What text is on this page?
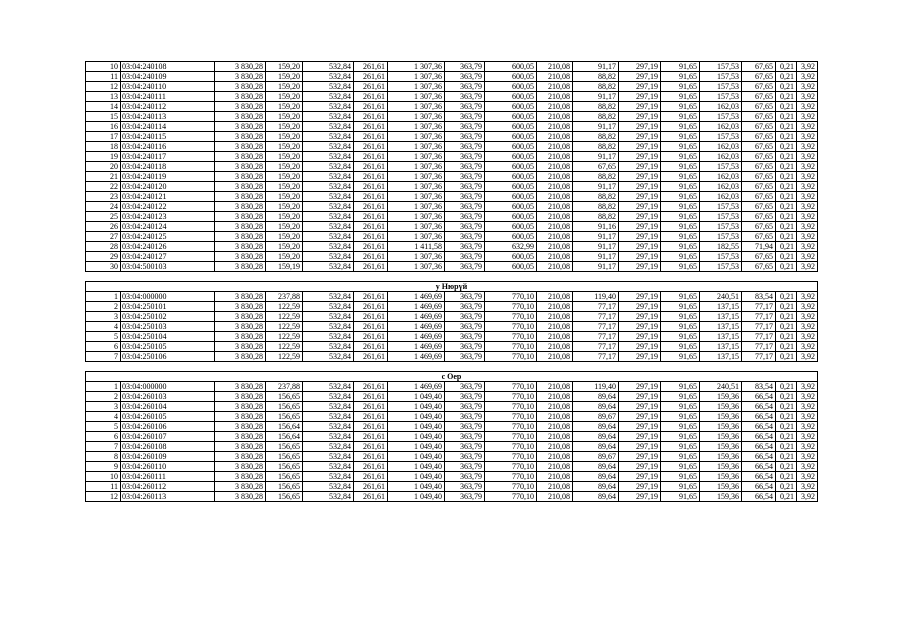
10	03:04:240108	3 830,28	159,20	532,84	261,61	1 307,36	363,79	600,05	210,08	91,17	297,19	91,65	157,53	67,65	0,21	3,92
11	03:04:240109	3 830,28	159,20	532,84	261,61	1 307,36	363,79	600,05	210,08	88,82	297,19	91,65	157,53	67,65	0,21	3,92
12	03:04:240110	3 830,28	159,20	532,84	261,61	1 307,36	363,79	600,05	210,08	88,82	297,19	91,65	157,53	67,65	0,21	3,92
13	03:04:240111	3 830,28	159,20	532,84	261,61	1 307,36	363,79	600,05	210,08	91,17	297,19	91,65	157,53	67,65	0,21	3,92
14	03:04:240112	3 830,28	159,20	532,84	261,61	1 307,36	363,79	600,05	210,08	88,82	297,19	91,65	162,03	67,65	0,21	3,92
15	03:04:240113	3 830,28	159,20	532,84	261,61	1 307,36	363,79	600,05	210,08	88,82	297,19	91,65	157,53	67,65	0,21	3,92
16	03:04:240114	3 830,28	159,20	532,84	261,61	1 307,36	363,79	600,05	210,08	91,17	297,19	91,65	162,03	67,65	0,21	3,92
17	03:04:240115	3 830,28	159,20	532,84	261,61	1 307,36	363,79	600,05	210,08	88,82	297,19	91,65	157,53	67,65	0,21	3,92
18	03:04:240116	3 830,28	159,20	532,84	261,61	1 307,36	363,79	600,05	210,08	88,82	297,19	91,65	162,03	67,65	0,21	3,92
19	03:04:240117	3 830,28	159,20	532,84	261,61	1 307,36	363,79	600,05	210,08	91,17	297,19	91,65	162,03	67,65	0,21	3,92
20	03:04:240118	3 830,28	159,20	532,84	261,61	1 307,36	363,79	600,05	210,08	67,65	297,19	91,65	157,53	67,65	0,21	3,92
21	03:04:240119	3 830,28	159,20	532,84	261,61	1 307,36	363,79	600,05	210,08	88,82	297,19	91,65	162,03	67,65	0,21	3,92
22	03:04:240120	3 830,28	159,20	532,84	261,61	1 307,36	363,79	600,05	210,08	91,17	297,19	91,65	162,03	67,65	0,21	3,92
23	03:04:240121	3 830,28	159,20	532,84	261,61	1 307,36	363,79	600,05	210,08	88,82	297,19	91,65	162,03	67,65	0,21	3,92
24	03:04:240122	3 830,28	159,20	532,84	261,61	1 307,36	363,79	600,05	210,08	88,82	297,19	91,65	157,53	67,65	0,21	3,92
25	03:04:240123	3 830,28	159,20	532,84	261,61	1 307,36	363,79	600,05	210,08	88,82	297,19	91,65	157,53	67,65	0,21	3,92
26	03:04:240124	3 830,28	159,20	532,84	261,61	1 307,36	363,79	600,05	210,08	91,16	297,19	91,65	157,53	67,65	0,21	3,92
27	03:04:240125	3 830,28	159,20	532,84	261,61	1 307,36	363,79	600,05	210,08	91,17	297,19	91,65	157,53	67,65	0,21	3,92
28	03:04:240126	3 830,28	159,20	532,84	261,61	1 411,58	363,79	632,99	210,08	91,17	297,19	91,65	182,55	71,94	0,21	3,92
29	03:04:240127	3 830,28	159,20	532,84	261,61	1 307,36	363,79	600,05	210,08	91,17	297,19	91,65	157,53	67,65	0,21	3,92
30	03:04:500103	3 830,28	159,19	532,84	261,61	1 307,36	363,79	600,05	210,08	91,17	297,19	91,65	157,53	67,65	0,21	3,92

у Нюрүй																
1	03:04:000000	3 830,28	237,88	532,84	261,61	1 469,69	363,79	770,10	210,08	119,40	297,19	91,65	240,51	83,54	0,21	3,92
2	03:04:250101	3 830,28	122,59	532,84	261,61	1 469,69	363,79	770,10	210,08	77,17	297,19	91,65	137,15	77,17	0,21	3,92
3	03:04:250102	3 830,28	122,59	532,84	261,61	1 469,69	363,79	770,10	210,08	77,17	297,19	91,65	137,15	77,17	0,21	3,92
4	03:04:250103	3 830,28	122,59	532,84	261,61	1 469,69	363,79	770,10	210,08	77,17	297,19	91,65	137,15	77,17	0,21	3,92
5	03:04:250104	3 830,28	122,59	532,84	261,61	1 469,69	363,79	770,10	210,08	77,17	297,19	91,65	137,15	77,17	0,21	3,92
6	03:04:250105	3 830,28	122,59	532,84	261,61	1 469,69	363,79	770,10	210,08	77,17	297,19	91,65	137,15	77,17	0,21	3,92
7	03:04:250106	3 830,28	122,59	532,84	261,61	1 469,69	363,79	770,10	210,08	77,17	297,19	91,65	137,15	77,17	0,21	3,92

с Оер																
1	03:04:000000	3 830,28	237,88	532,84	261,61	1 469,69	363,79	770,10	210,08	119,40	297,19	91,65	240,51	83,54	0,21	3,92
2	03:04:260103	3 830,28	156,65	532,84	261,61	1 049,40	363,79	770,10	210,08	89,64	297,19	91,65	159,36	66,54	0,21	3,92
3	03:04:260104	3 830,28	156,65	532,84	261,61	1 049,40	363,79	770,10	210,08	89,64	297,19	91,65	159,36	66,54	0,21	3,92
4	03:04:260105	3 830,28	156,65	532,84	261,61	1 049,40	363,79	770,10	210,08	89,67	297,19	91,65	159,36	66,54	0,21	3,92
5	03:04:260106	3 830,28	156,64	532,84	261,61	1 049,40	363,79	770,10	210,08	89,64	297,19	91,65	159,36	66,54	0,21	3,92
6	03:04:260107	3 830,28	156,64	532,84	261,61	1 049,40	363,79	770,10	210,08	89,64	297,19	91,65	159,36	66,54	0,21	3,92
7	03:04:260108	3 830,28	156,65	532,84	261,61	1 049,40	363,79	770,10	210,08	89,64	297,19	91,65	159,36	66,54	0,21	3,92
8	03:04:260109	3 830,28	156,65	532,84	261,61	1 049,40	363,79	770,10	210,08	89,67	297,19	91,65	159,36	66,54	0,21	3,92
9	03:04:260110	3 830,28	156,65	532,84	261,61	1 049,40	363,79	770,10	210,08	89,64	297,19	91,65	159,36	66,54	0,21	3,92
10	03:04:260111	3 830,28	156,65	532,84	261,61	1 049,40	363,79	770,10	210,08	89,64	297,19	91,65	159,36	66,54	0,21	3,92
11	03:04:260112	3 830,28	156,65	532,84	261,61	1 049,40	363,79	770,10	210,08	89,64	297,19	91,65	159,36	66,54	0,21	3,92
12	03:04:260113	3 830,28	156,65	532,84	261,61	1 049,40	363,79	770,10	210,08	89,64	297,19	91,65	159,36	66,54	0,21	3,92
